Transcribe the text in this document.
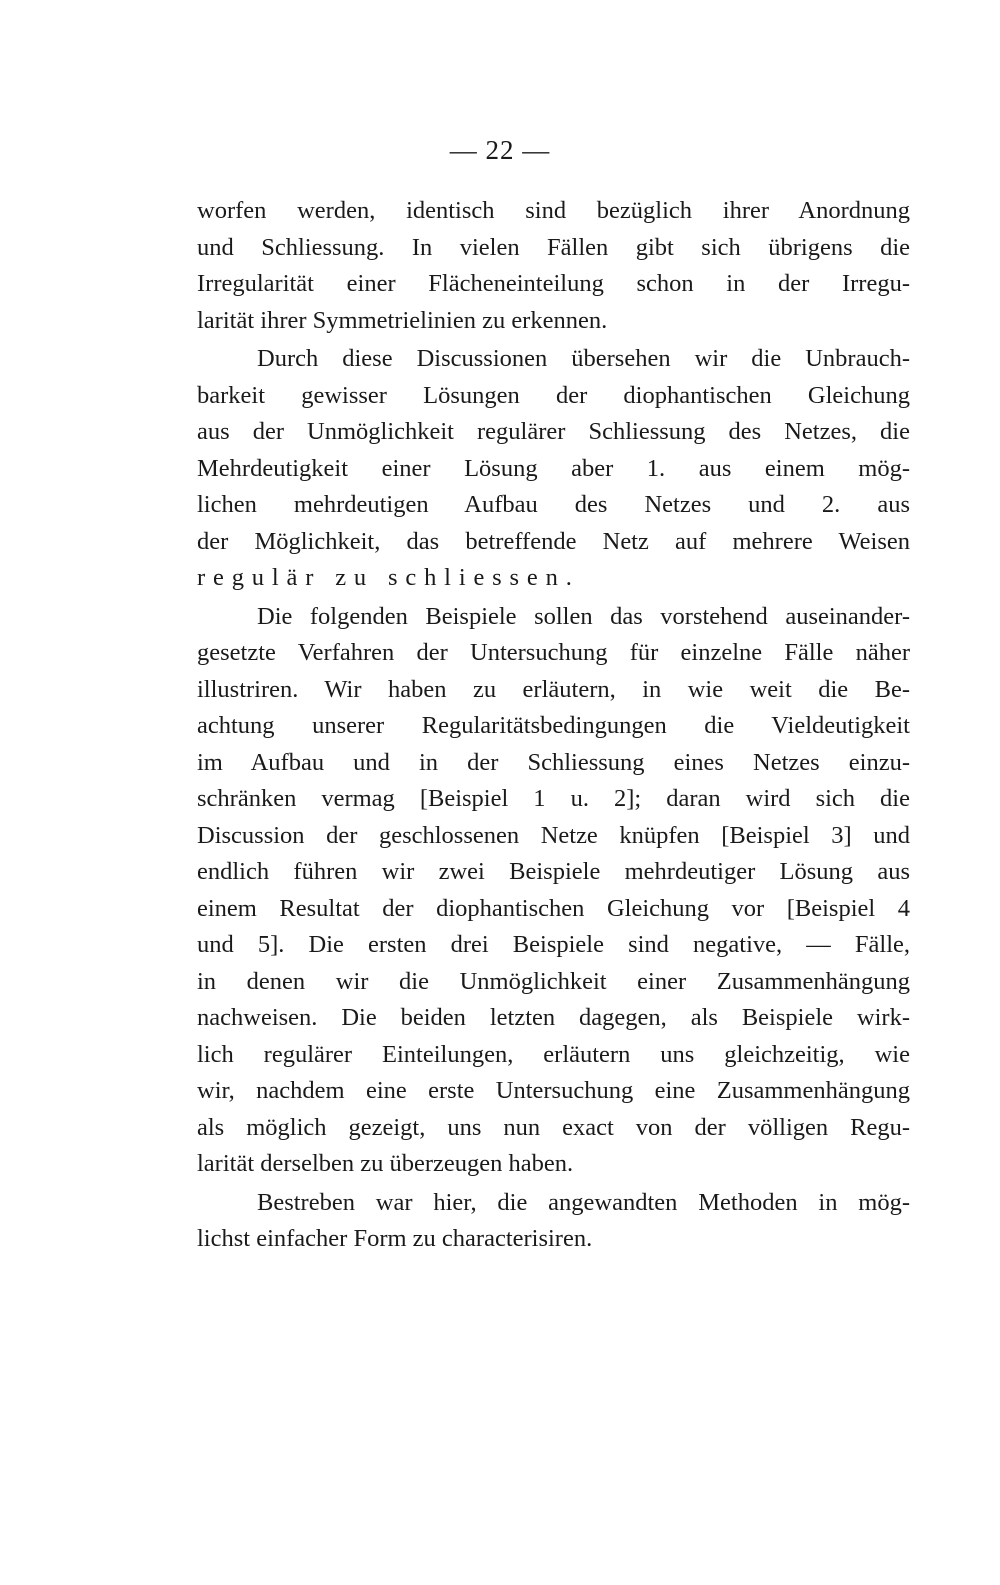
— 22 —
worfen werden, identisch sind bezüglich ihrer Anordnung
und Schliessung. In vielen Fällen gibt sich übrigens die
Irregularität einer Flächeneinteilung schon in der Irregu-
larität ihrer Symmetrielinien zu erkennen.
Durch diese Discussionen übersehen wir die Unbrauch-
barkeit gewisser Lösungen der diophantischen Gleichung
aus der Unmöglichkeit regulärer Schliessung des Netzes, die
Mehrdeutigkeit einer Lösung aber 1. aus einem mög-
lichen mehrdeutigen Aufbau des Netzes und 2. aus
der Möglichkeit, das betreffende Netz auf mehrere Weisen
regulär zu schliessen.
Die folgenden Beispiele sollen das vorstehend auseinander-
gesetzte Verfahren der Untersuchung für einzelne Fälle näher
illustriren. Wir haben zu erläutern, in wie weit die Be-
achtung unserer Regularitätsbedingungen die Vieldeutigkeit
im Aufbau und in der Schliessung eines Netzes einzu-
schränken vermag [Beispiel 1 u. 2]; daran wird sich die
Discussion der geschlossenen Netze knüpfen [Beispiel 3] und
endlich führen wir zwei Beispiele mehrdeutiger Lösung aus
einem Resultat der diophantischen Gleichung vor [Beispiel 4
und 5]. Die ersten drei Beispiele sind negative, — Fälle,
in denen wir die Unmöglichkeit einer Zusammenhängung
nachweisen. Die beiden letzten dagegen, als Beispiele wirk-
lich regulärer Einteilungen, erläutern uns gleichzeitig, wie
wir, nachdem eine erste Untersuchung eine Zusammenhängung
als möglich gezeigt, uns nun exact von der völligen Regu-
larität derselben zu überzeugen haben.
Bestreben war hier, die angewandten Methoden in mög-
lichst einfacher Form zu characterisiren.
